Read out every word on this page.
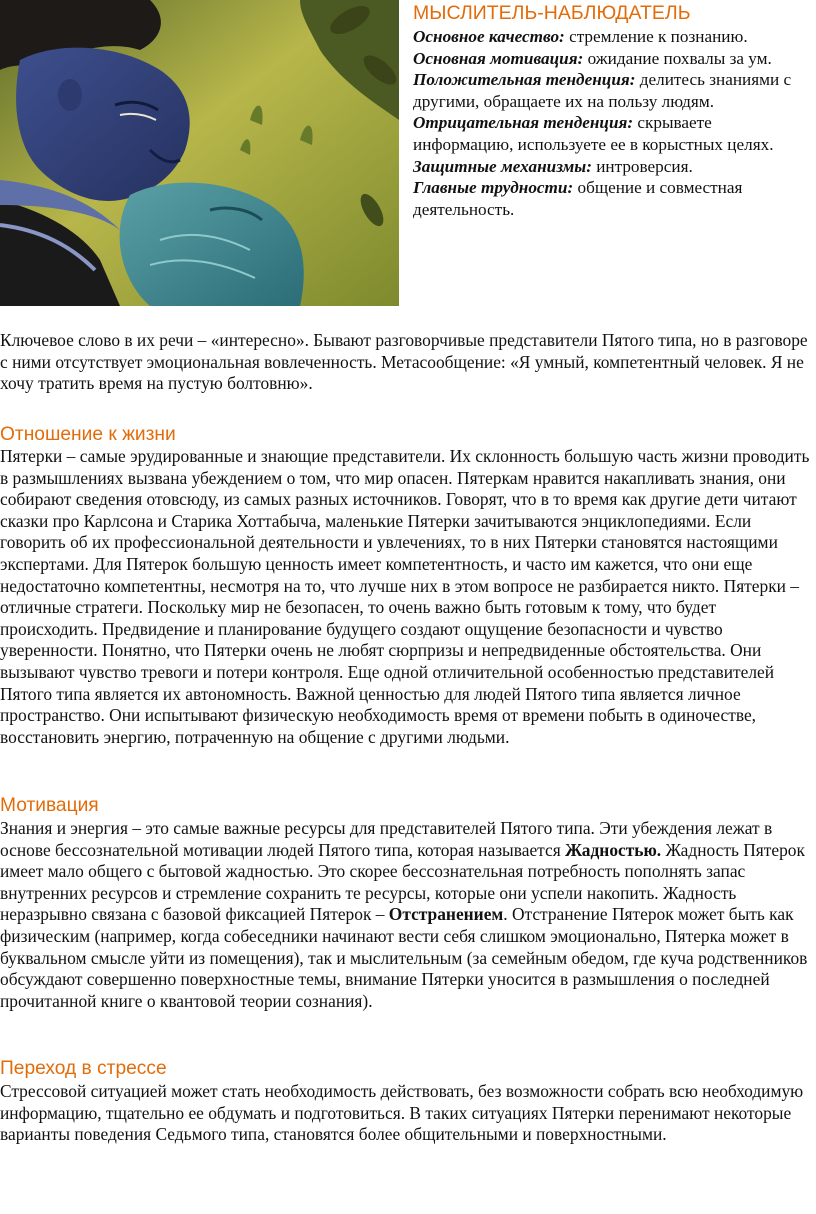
МЫСЛИТЕЛЬ-НАБЛЮДАТЕЛЬ

Основное качество: стремление к познанию.

Основная мотивация: ожидание похвалы за ум.

Положительная тенденция: делитесь знаниями с другими, обращаете их на пользу людям.

Отрицательная тенденция: скрываете информацию, используете ее в корыстных целях.

Защитные механизмы: интроверсия.

Главные трудности: общение и совместная деятельность.

Ключевое слово в их речи – «интересно». Бывают разговорчивые представители Пятого типа, но в разговоре с ними отсутствует эмоциональная вовлеченность. Метасообщение: «Я умный, компетентный человек. Я не хочу тратить время на пустую болтовню».

Отношение к жизни

Пятерки – самые эрудированные и знающие представители. Их склонность большую часть жизни проводить в размышлениях вызвана убеждением о том, что мир опасен. Пятеркам нравится накапливать знания, они собирают сведения отовсюду, из самых разных источников. Говорят, что в то время как другие дети читают сказки про Карлсона и Старика Хоттабыча, маленькие Пятерки зачитываются энциклопедиями. Если говорить об их профессиональной деятельности и увлечениях, то в них Пятерки становятся настоящими экспертами. Для Пятерок большую ценность имеет компетентность, и часто им кажется, что они еще недостаточно компетентны, несмотря на то, что лучше них в этом вопросе не разбирается никто. Пятерки – отличные стратеги. Поскольку мир не безопасен, то очень важно быть готовым к тому, что будет происходить. Предвидение и планирование будущего создают ощущение безопасности и чувство уверенности. Понятно, что Пятерки очень не любят сюрпризы и непредвиденные обстоятельства. Они вызывают чувство тревоги и потери контроля. Еще одной отличительной особенностью представителей Пятого типа является их автономность. Важной ценностью для людей Пятого типа является личное пространство. Они испытывают физическую необходимость время от времени побыть в одиночестве, восстановить энергию, потраченную на общение с другими людьми.

Мотивация

Знания и энергия – это самые важные ресурсы для представителей Пятого типа. Эти убеждения лежат в основе бессознательной мотивации людей Пятого типа, которая называется Жадностью. Жадность Пятерок имеет мало общего с бытовой жадностью. Это скорее бессознательная потребность пополнять запас внутренних ресурсов и стремление сохранить те ресурсы, которые они успели накопить. Жадность неразрывно связана с базовой фиксацией Пятерок – Отстранением. Отстранение Пятерок может быть как физическим (например, когда собеседники начинают вести себя слишком эмоционально, Пятерка может в буквальном смысле уйти из помещения), так и мыслительным (за семейным обедом, где куча родственников обсуждают совершенно поверхностные темы, внимание Пятерки уносится в размышления о последней прочитанной книге о квантовой теории сознания).

Переход в стрессе

Стрессовой ситуацией может стать необходимость действовать, без возможности собрать всю необходимую информацию, тщательно ее обдумать и подготовиться. В таких ситуациях Пятерки перенимают некоторые варианты поведения Седьмого типа, становятся более общительными и поверхностными.
